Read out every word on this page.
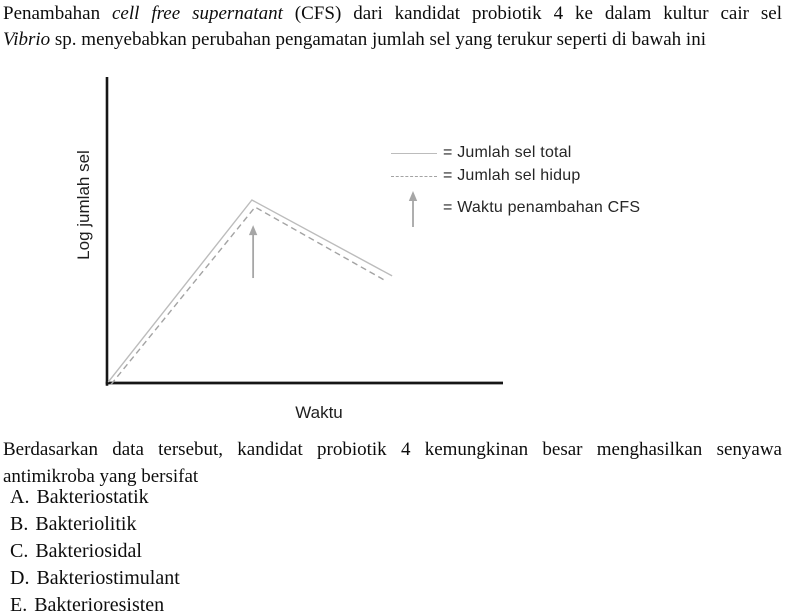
Penambahan cell free supernatant (CFS) dari kandidat probiotik 4 ke dalam kultur cair sel
Vibrio sp. menyebabkan perubahan pengamatan jumlah sel yang terukur seperti di bawah ini
Log jumlah sel
Waktu
= Jumlah sel total
= Jumlah sel hidup
= Waktu penambahan CFS
Berdasarkan data tersebut, kandidat probiotik 4 kemungkinan besar menghasilkan senyawa
antimikroba yang bersifat
A. Bakteriostatik
B. Bakteriolitik
C. Bakteriosidal
D. Bakteriostimulant
E. Bakterioresisten
